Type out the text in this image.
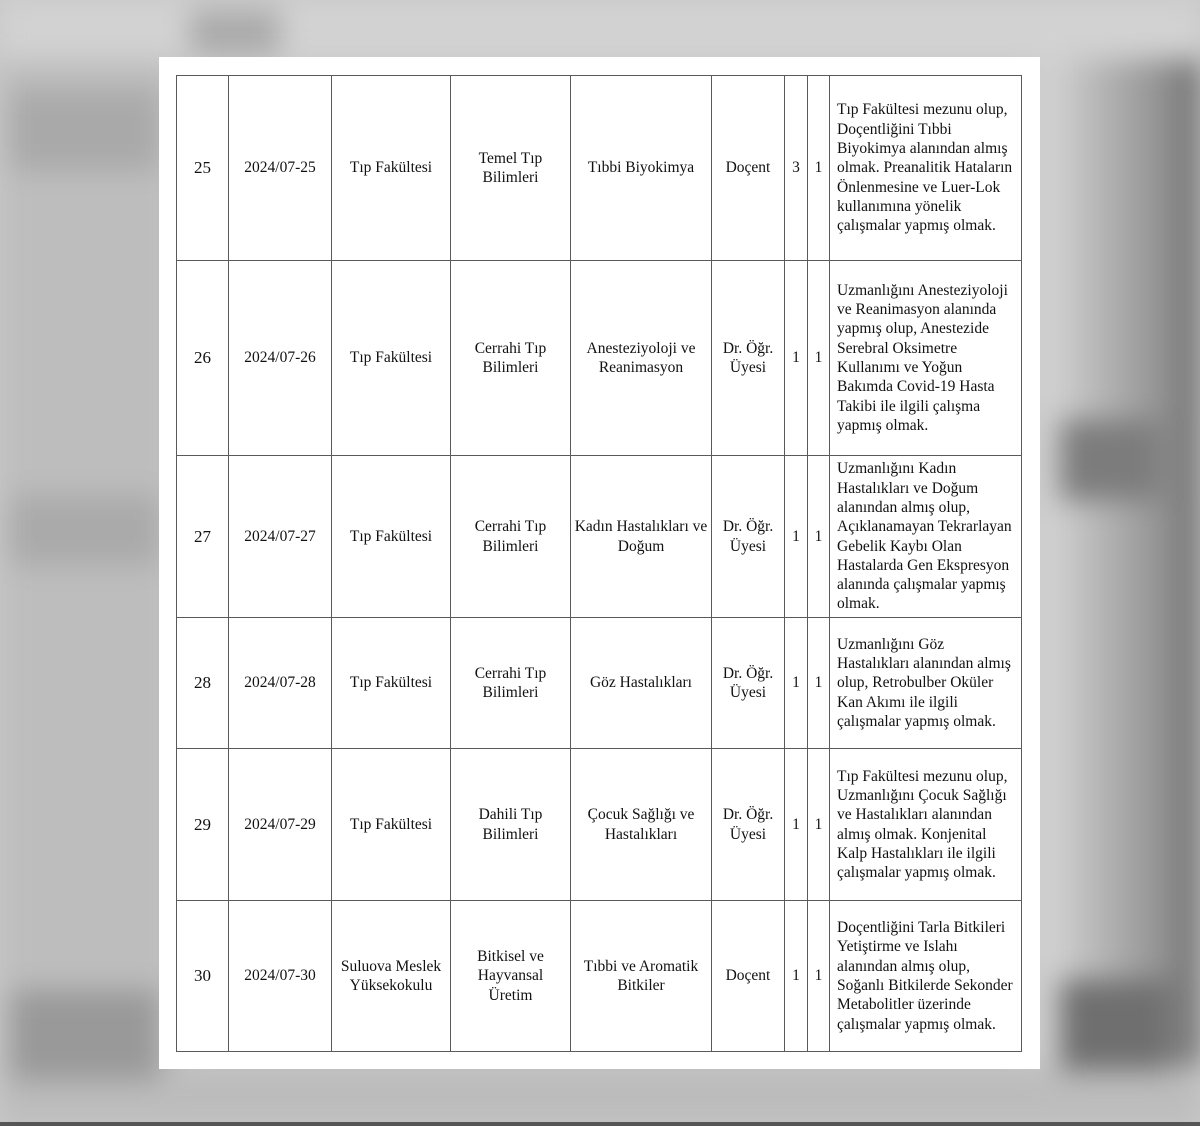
25	2024/07-25	Tıp Fakültesi	Temel Tıp Bilimleri	Tıbbi Biyokimya	Doçent	3	1	Tıp Fakültesi mezunu olup, Doçentliğini Tıbbi Biyokimya alanından almış olmak. Preanalitik Hataların Önlenmesine ve Luer-Lok kullanımına yönelik çalışmalar yapmış olmak.
26	2024/07-26	Tıp Fakültesi	Cerrahi Tıp Bilimleri	Anesteziyoloji ve Reanimasyon	Dr. Öğr. Üyesi	1	1	Uzmanlığını Anesteziyoloji ve Reanimasyon alanında yapmış olup, Anestezide Serebral Oksimetre Kullanımı ve Yoğun Bakımda Covid-19 Hasta Takibi ile ilgili çalışma yapmış olmak.
27	2024/07-27	Tıp Fakültesi	Cerrahi Tıp Bilimleri	Kadın Hastalıkları ve Doğum	Dr. Öğr. Üyesi	1	1	Uzmanlığını Kadın Hastalıkları ve Doğum alanından almış olup, Açıklanamayan Tekrarlayan Gebelik Kaybı Olan Hastalarda Gen Ekspresyon alanında çalışmalar yapmış olmak.
28	2024/07-28	Tıp Fakültesi	Cerrahi Tıp Bilimleri	Göz Hastalıkları	Dr. Öğr. Üyesi	1	1	Uzmanlığını Göz Hastalıkları alanından almış olup, Retrobulber Oküler Kan Akımı ile ilgili çalışmalar yapmış olmak.
29	2024/07-29	Tıp Fakültesi	Dahili Tıp Bilimleri	Çocuk Sağlığı ve Hastalıkları	Dr. Öğr. Üyesi	1	1	Tıp Fakültesi mezunu olup, Uzmanlığını Çocuk Sağlığı ve Hastalıkları alanından almış olmak. Konjenital Kalp Hastalıkları ile ilgili çalışmalar yapmış olmak.
30	2024/07-30	Suluova Meslek Yüksekokulu	Bitkisel ve Hayvansal Üretim	Tıbbi ve Aromatik Bitkiler	Doçent	1	1	Doçentliğini Tarla Bitkileri Yetiştirme ve Islahı alanından almış olup, Soğanlı Bitkilerde Sekonder Metabolitler üzerinde çalışmalar yapmış olmak.
